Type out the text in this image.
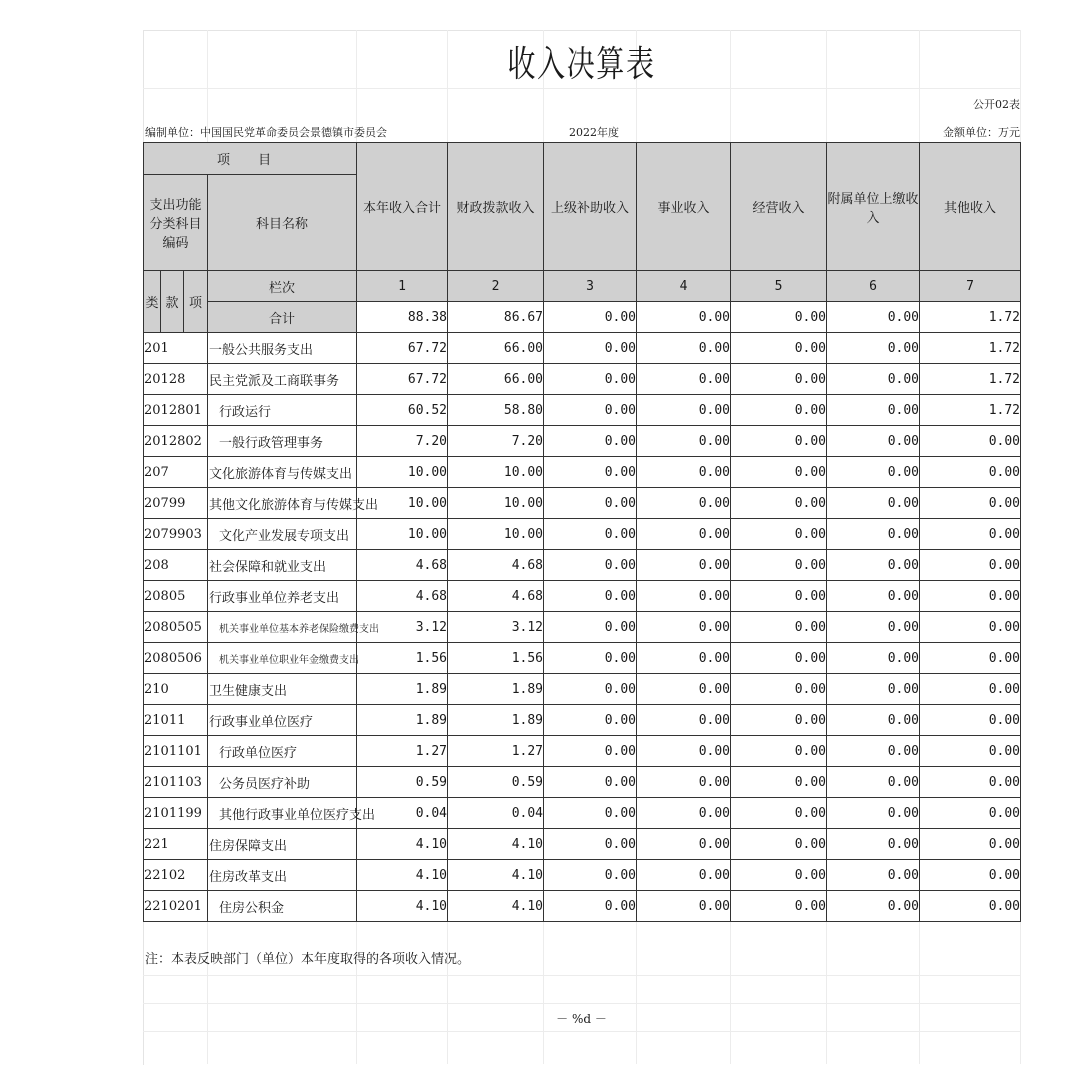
收入决算表
公开02表
编制单位：中国国民党革命委员会景德镇市委员会	2022年度	金额单位：万元
项 目				本年收入合计	财政拨款收入	上级补助收入	事业收入	经营收入	附属单位上缴收入	其他收入
支出功能分类科目编码			科目名称							
类	款	项	栏次	1	2	3	4	5	6	7
			合计	88.38	86.67	0.00	0.00	0.00	0.00	1.72
201			一般公共服务支出	67.72	66.00	0.00	0.00	0.00	0.00	1.72
20128			民主党派及工商联事务	67.72	66.00	0.00	0.00	0.00	0.00	1.72
2012801			行政运行	60.52	58.80	0.00	0.00	0.00	0.00	1.72
2012802			一般行政管理事务	7.20	7.20	0.00	0.00	0.00	0.00	0.00
207			文化旅游体育与传媒支出	10.00	10.00	0.00	0.00	0.00	0.00	0.00
20799			其他文化旅游体育与传媒支出	10.00	10.00	0.00	0.00	0.00	0.00	0.00
2079903			文化产业发展专项支出	10.00	10.00	0.00	0.00	0.00	0.00	0.00
208			社会保障和就业支出	4.68	4.68	0.00	0.00	0.00	0.00	0.00
20805			行政事业单位养老支出	4.68	4.68	0.00	0.00	0.00	0.00	0.00
2080505			机关事业单位基本养老保险缴费支出	3.12	3.12	0.00	0.00	0.00	0.00	0.00
2080506			机关事业单位职业年金缴费支出	1.56	1.56	0.00	0.00	0.00	0.00	0.00
210			卫生健康支出	1.89	1.89	0.00	0.00	0.00	0.00	0.00
21011			行政事业单位医疗	1.89	1.89	0.00	0.00	0.00	0.00	0.00
2101101			行政单位医疗	1.27	1.27	0.00	0.00	0.00	0.00	0.00
2101103			公务员医疗补助	0.59	0.59	0.00	0.00	0.00	0.00	0.00
2101199			其他行政事业单位医疗支出	0.04	0.04	0.00	0.00	0.00	0.00	0.00
221			住房保障支出	4.10	4.10	0.00	0.00	0.00	0.00	0.00
22102			住房改革支出	4.10	4.10	0.00	0.00	0.00	0.00	0.00
2210201			住房公积金	4.10	4.10	0.00	0.00	0.00	0.00	0.00
注：本表反映部门（单位）本年度取得的各项收入情况。
－ %d －
